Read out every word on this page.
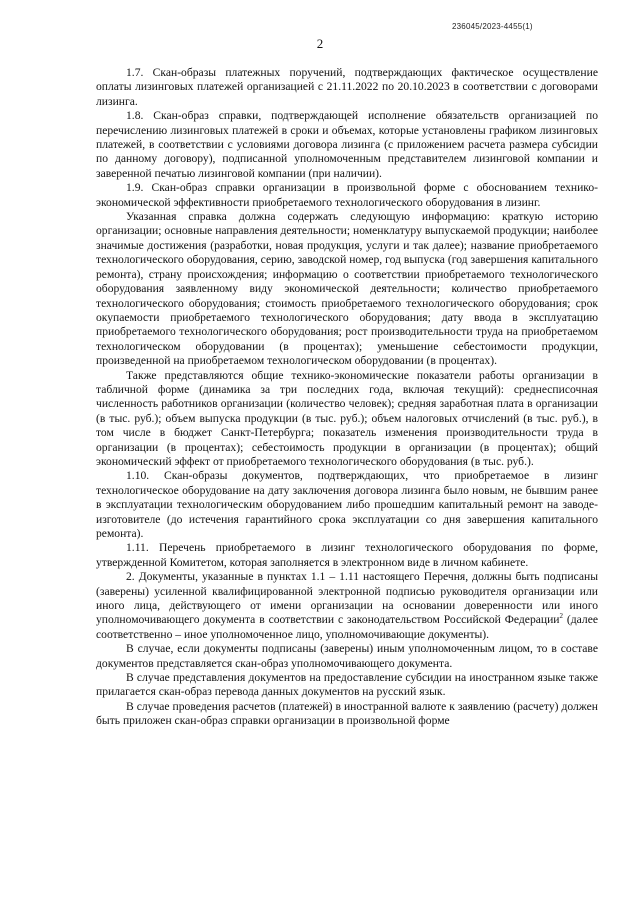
236045/2023-4455(1)
2

1.7. Скан-образы платежных поручений, подтверждающих фактическое осуществление оплаты лизинговых платежей организацией с 21.11.2022 по 20.10.2023 в соответствии с договорами лизинга.

1.8. Скан-образ справки, подтверждающей исполнение обязательств организацией по перечислению лизинговых платежей в сроки и объемах, которые установлены графиком лизинговых платежей, в соответствии с условиями договора лизинга (с приложением расчета размера субсидии по данному договору), подписанной уполномоченным представителем лизинговой компании и заверенной печатью лизинговой компании (при наличии).

1.9. Скан-образ справки организации в произвольной форме с обоснованием технико-экономической эффективности приобретаемого технологического оборудования в лизинг.

Указанная справка должна содержать следующую информацию: краткую историю организации; основные направления деятельности; номенклатуру выпускаемой продукции; наиболее значимые достижения (разработки, новая продукция, услуги и так далее); название приобретаемого технологического оборудования, серию, заводской номер, год выпуска (год завершения капитального ремонта), страну происхождения; информацию о соответствии приобретаемого технологического оборудования заявленному виду экономической деятельности; количество приобретаемого технологического оборудования; стоимость приобретаемого технологического оборудования; срок окупаемости приобретаемого технологического оборудования; дату ввода в эксплуатацию приобретаемого технологического оборудования; рост производительности труда на приобретаемом технологическом оборудовании (в процентах); уменьшение себестоимости продукции, произведенной на приобретаемом технологическом оборудовании (в процентах).

Также представляются общие технико-экономические показатели работы организации в табличной форме (динамика за три последних года, включая текущий): среднесписочная численность работников организации (количество человек); средняя заработная плата в организации (в тыс. руб.); объем выпуска продукции (в тыс. руб.); объем налоговых отчислений (в тыс. руб.), в том числе в бюджет Санкт-Петербурга; показатель изменения производительности труда в организации (в процентах); себестоимость продукции в организации (в процентах); общий экономический эффект от приобретаемого технологического оборудования (в тыс. руб.).

1.10. Скан-образы документов, подтверждающих, что приобретаемое в лизинг технологическое оборудование на дату заключения договора лизинга было новым, не бывшим ранее в эксплуатации технологическим оборудованием либо прошедшим капитальный ремонт на заводе-изготовителе (до истечения гарантийного срока эксплуатации со дня завершения капитального ремонта).

1.11. Перечень приобретаемого в лизинг технологического оборудования по форме, утвержденной Комитетом, которая заполняется в электронном виде в личном кабинете.

2. Документы, указанные в пунктах 1.1 – 1.11 настоящего Перечня, должны быть подписаны (заверены) усиленной квалифицированной электронной подписью руководителя организации или иного лица, действующего от имени организации на основании доверенности или иного уполномочивающего документа в соответствии с законодательством Российской Федерации$^2$ (далее соответственно – иное уполномоченное лицо, уполномочивающие документы).

В случае, если документы подписаны (заверены) иным уполномоченным лицом, то в составе документов представляется скан-образ уполномочивающего документа.

В случае представления документов на предоставление субсидии на иностранном языке также прилагается скан-образ перевода данных документов на русский язык.

В случае проведения расчетов (платежей) в иностранной валюте к заявлению (расчету) должен быть приложен скан-образ справки организации в произвольной форме
